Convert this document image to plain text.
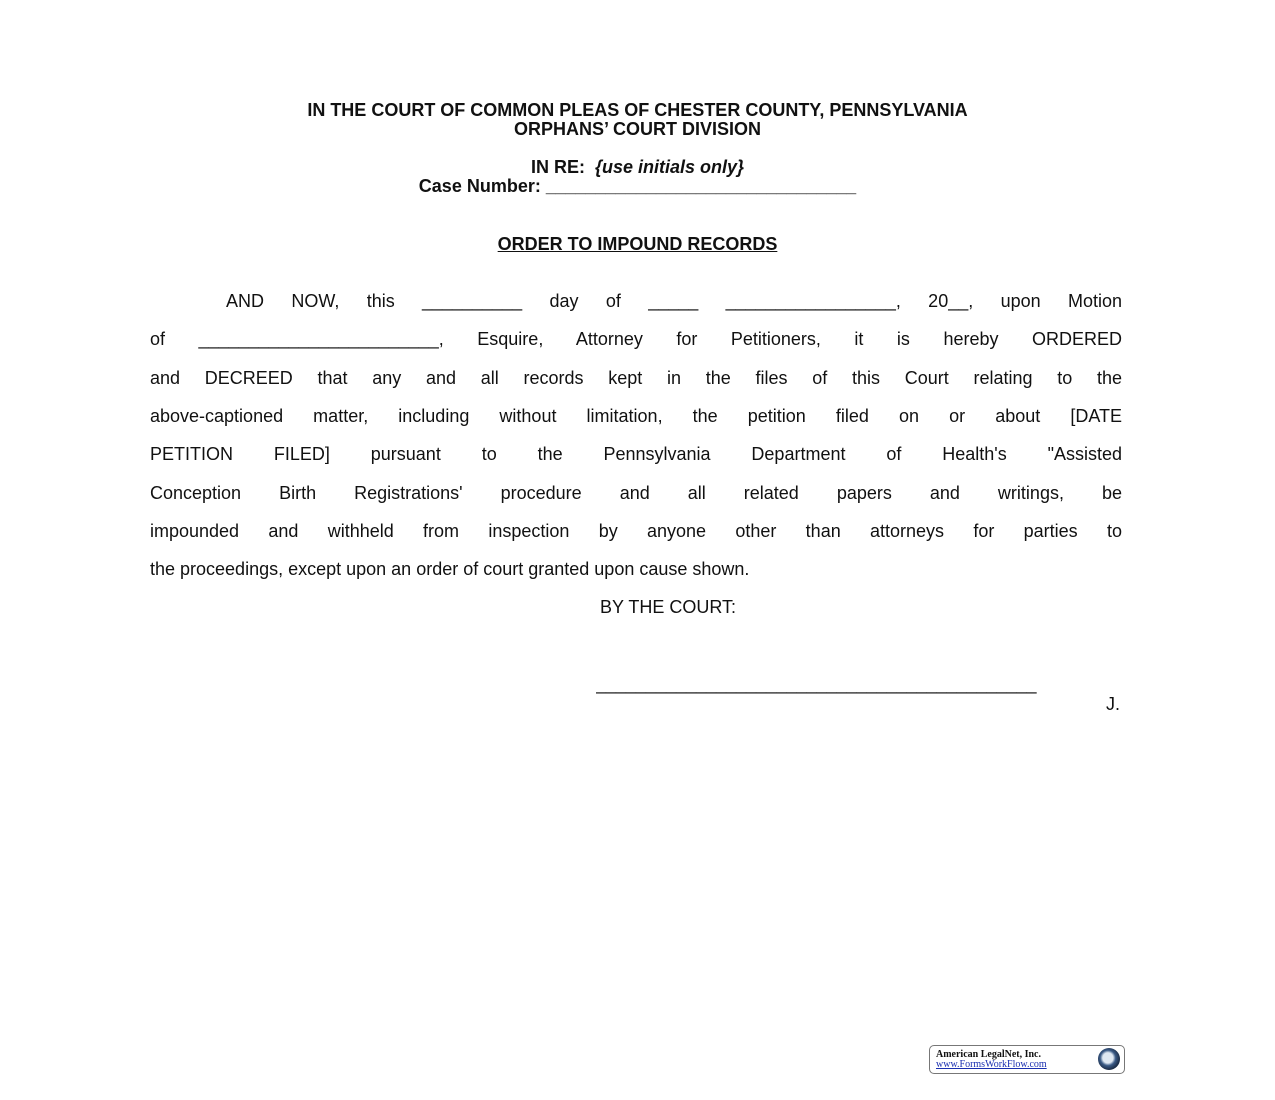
IN THE COURT OF COMMON PLEAS OF CHESTER COUNTY, PENNSYLVANIA
ORPHANS’ COURT DIVISION
IN RE: {use initials only}
Case Number: _______________________________
ORDER TO IMPOUND RECORDS
AND NOW, this __________ day of _____ _________________, 20__, upon Motion
of ________________________, Esquire, Attorney for Petitioners, it is hereby ORDERED
and DECREED that any and all records kept in the files of this Court relating to the
above-captioned matter, including without limitation, the petition filed on or about [DATE
PETITION FILED] pursuant to the Pennsylvania Department of Health's "Assisted
Conception Birth Registrations' procedure and all related papers and writings, be
impounded and withheld from inspection by anyone other than attorneys for parties to
the proceedings, except upon an order of court granted upon cause shown.
BY THE COURT:
____________________________________________
J.
American LegalNet, Inc.
www.FormsWorkFlow.com
